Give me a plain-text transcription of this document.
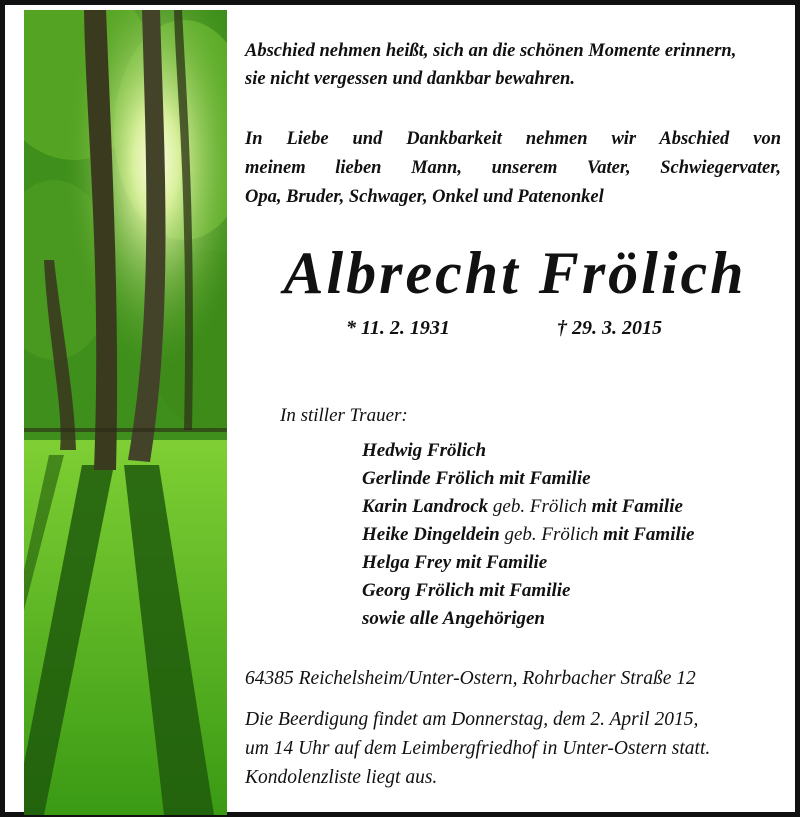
Abschied nehmen heißt, sich an die schönen Momente erinnern,
sie nicht vergessen und dankbar bewahren.
In Liebe und Dankbarkeit nehmen wir Abschied von
meinem lieben Mann, unserem Vater, Schwiegervater,
Opa, Bruder, Schwager, Onkel und Patenonkel
Albrecht Frölich
* 11. 2. 1931	† 29. 3. 2015
In stiller Trauer:
Hedwig Frölich
Gerlinde Frölich mit Familie
Karin Landrock geb. Frölich mit Familie
Heike Dingeldein geb. Frölich mit Familie
Helga Frey mit Familie
Georg Frölich mit Familie
sowie alle Angehörigen
64385 Reichelsheim/Unter-Ostern, Rohrbacher Straße 12
Die Beerdigung findet am Donnerstag, dem 2. April 2015,
um 14 Uhr auf dem Leimbergfriedhof in Unter-Ostern statt.
Kondolenzliste liegt aus.
